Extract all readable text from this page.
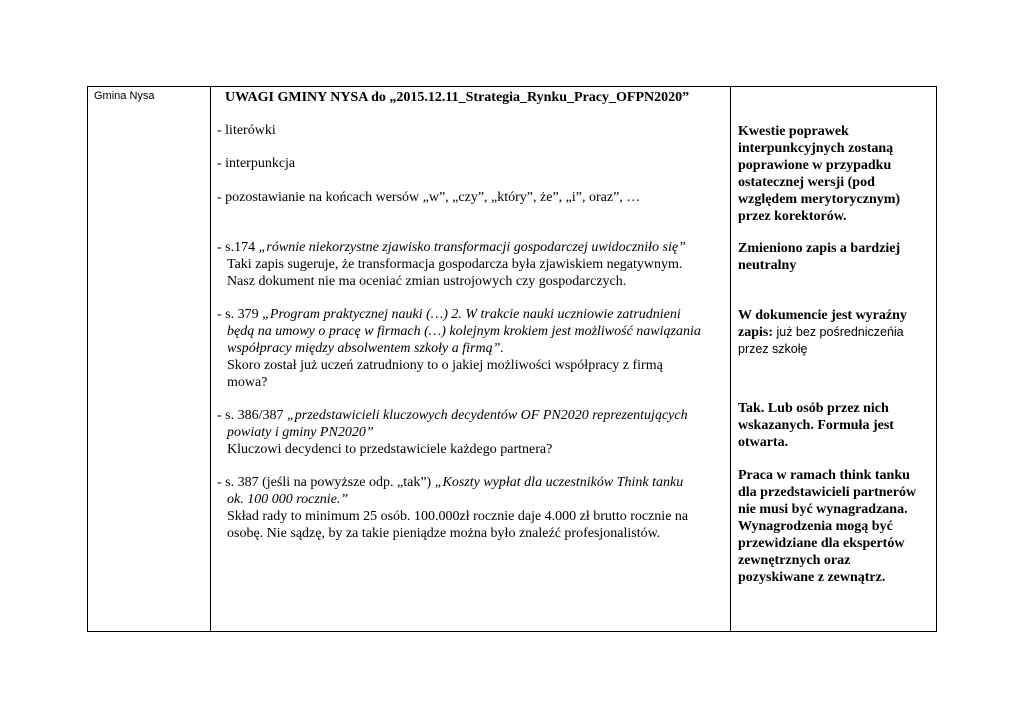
Gmina Nysa	UWAGI GMINY NYSA do „2015.12.11_Strategia_Rynku_Pracy_OFPN2020”
- literówki
- interpunkcja
- pozostawianie na końcach wersów „w”, „czy”, „który”, że”, „i”, oraz”, …
- s.174 „równie niekorzystne zjawisko transformacji gospodarczej uwidoczniło się”
Taki zapis sugeruje, że transformacja gospodarcza była zjawiskiem negatywnym.
Nasz dokument nie ma oceniać zmian ustrojowych czy gospodarczych.
- s. 379 „Program praktycznej nauki (…) 2. W trakcie nauki uczniowie zatrudnieni
będą na umowy o pracę w firmach (…) kolejnym krokiem jest możliwość nawiązania
współpracy między absolwentem szkoły a firmą”.
Skoro został już uczeń zatrudniony to o jakiej możliwości współpracy z firmą
mowa?
- s. 386/387 „przedstawicieli kluczowych decydentów OF PN2020 reprezentujących
powiaty i gminy PN2020”
Kluczowi decydenci to przedstawiciele każdego partnera?
- s. 387 (jeśli na powyższe odp. „tak”) „Koszty wypłat dla uczestników Think tanku
ok. 100 000 rocznie.”
Skład rady to minimum 25 osób. 100.000zł rocznie daje 4.000 zł brutto rocznie na
osobę. Nie sądzę, by za takie pieniądze można było znaleźć profesjonalistów.
Kwestie poprawek
interpunkcyjnych zostaną
poprawione w przypadku
ostatecznej wersji (pod
względem merytorycznym)
przez korektorów.
Zmieniono zapis a bardziej
neutralny
W dokumencie jest wyraźny
zapis: już bez pośredniczeńia
przez szkołę
Tak. Lub osób przez nich
wskazanych. Formuła jest
otwarta.
Praca w ramach think tanku
dla przedstawicieli partnerów
nie musi być wynagradzana.
Wynagrodzenia mogą być
przewidziane dla ekspertów
zewnętrznych oraz
pozyskiwane z zewnątrz.
